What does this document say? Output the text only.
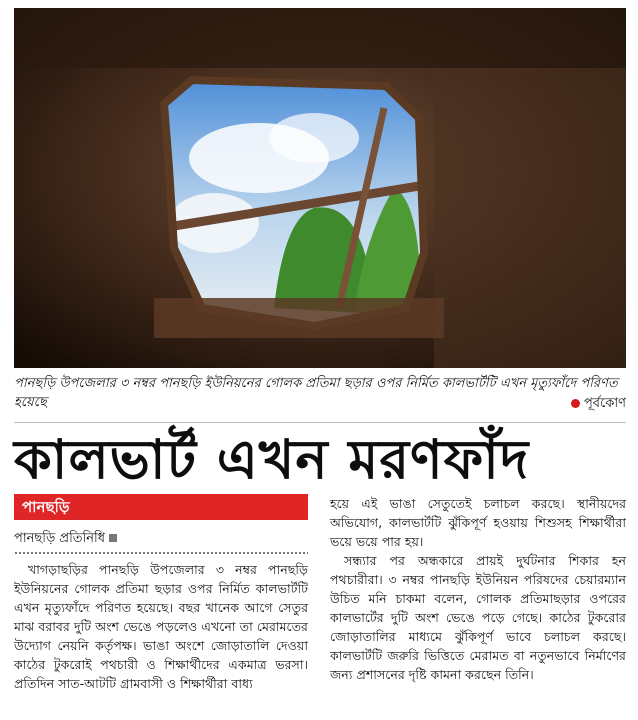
পানছড়ি উপজেলার ৩ নম্বর পানছড়ি ইউনিয়নের গোলক প্রতিমা ছড়ার ওপর নির্মিত কালভার্টটি এখন মৃত্যুফাঁদে পরিণত হয়েছে	পূর্বকোণ
কালভার্ট এখন মরণফাঁদ
পানছড়ি
পানছড়ি প্রতিনিধি

খাগড়াছড়ির পানছড়ি উপজেলার ৩ নম্বর পানছড়ি ইউনিয়নের গোলক প্রতিমা ছড়ার ওপর নির্মিত কালভার্টটি এখন মৃত্যুফাঁদে পরিণত হয়েছে। বছর খানেক আগে সেতুর মাঝ বরাবর দুটি অংশ ভেঙে পড়লেও এখনো তা মেরামতের উদ্যোগ নেয়নি কর্তৃপক্ষ। ভাঙা অংশে জোড়াতালি দেওয়া কাঠের টুকরোই পথচারী ও শিক্ষার্থীদের একমাত্র ভরসা। প্রতিদিন সাত-আটটি গ্রামবাসী ও শিক্ষার্থীরা বাধ্য

হয়ে এই ভাঙা সেতুতেই চলাচল করছে। স্থানীয়দের অভিযোগ, কালভার্টটি ঝুঁকিপূর্ণ হওয়ায় শিশুসহ শিক্ষার্থীরা ভয়ে ভয়ে পার হয়।

সন্ধ্যার পর অন্ধকারে প্রায়ই দুর্ঘটনার শিকার হন পথচারীরা। ৩ নম্বর পানছড়ি ইউনিয়ন পরিষদের চেয়ারম্যান উচিত মনি চাকমা বলেন, গোলক প্রতিমাছড়ার ওপরের কালভার্টের দুটি অংশ ভেঙে পড়ে গেছে। কাঠের টুকরোর জোড়াতালির মাধ্যমে ঝুঁকিপূর্ণ ভাবে চলাচল করছে। কালভার্টটি জরুরি ভিত্তিতে মেরামত বা নতুনভাবে নির্মাণের জন্য প্রশাসনের দৃষ্টি কামনা করছেন তিনি।
